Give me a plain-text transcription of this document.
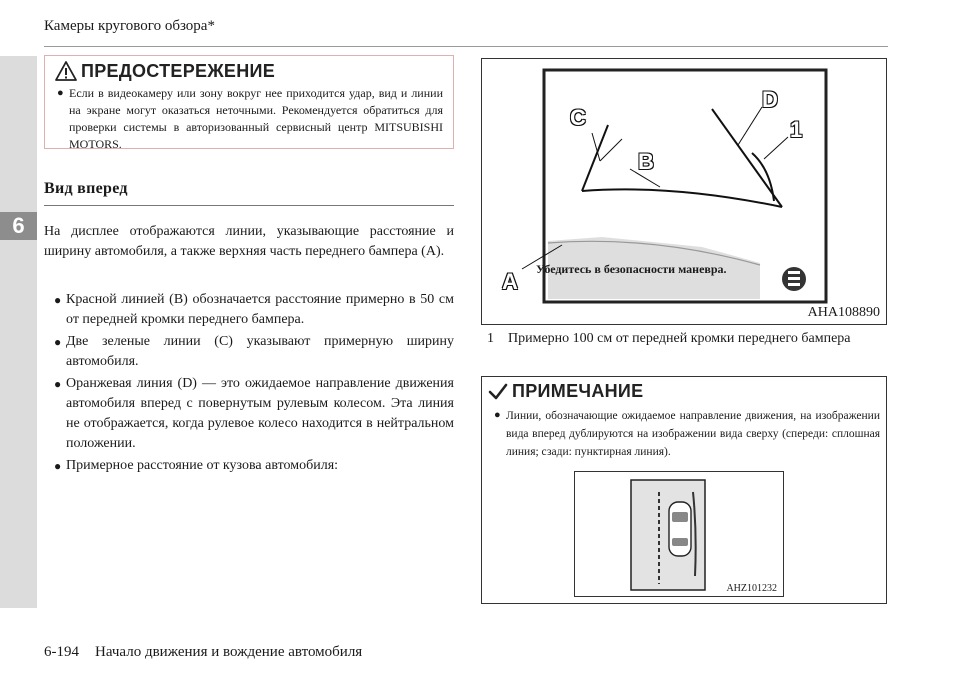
Камеры кругового обзора*
6
ПРЕДОСТЕРЕЖЕНИЕ
● Если в видеокамеру или зону вокруг нее приходится удар, вид и линии на экране могут оказаться неточными. Рекомендуется обратиться для проверки системы в авторизованный сервисный центр MITSUBISHI MOTORS.
Вид вперед

На дисплее отображаются линии, указывающие расстояние и ширину автомобиля, а также верхняя часть переднего бампера (A).

● Красной линией (B) обозначается расстояние примерно в 50 см от передней кромки переднего бампера.
● Две зеленые линии (C) указывают примерную ширину автомобиля.
● Оранжевая линия (D) — это ожидаемое направление движения автомобиля вперед с повернутым рулевым колесом. Эта линия не отображается, когда рулевое колесо находится в нейтральном положении.
● Примерное расстояние от кузова автомобиля:
C
B
D
1
A Убедитесь в безопасности маневра.
AHA108890
1 Примерно 100 см от передней кромки переднего бампера
ПРИМЕЧАНИЕ
● Линии, обозначающие ожидаемое направление движения, на изображении вида вперед дублируются на изображении вида сверху (спереди: сплошная линия; сзади: пунктирная линия).
AHZ101232
6-194 Начало движения и вождение автомобиля
